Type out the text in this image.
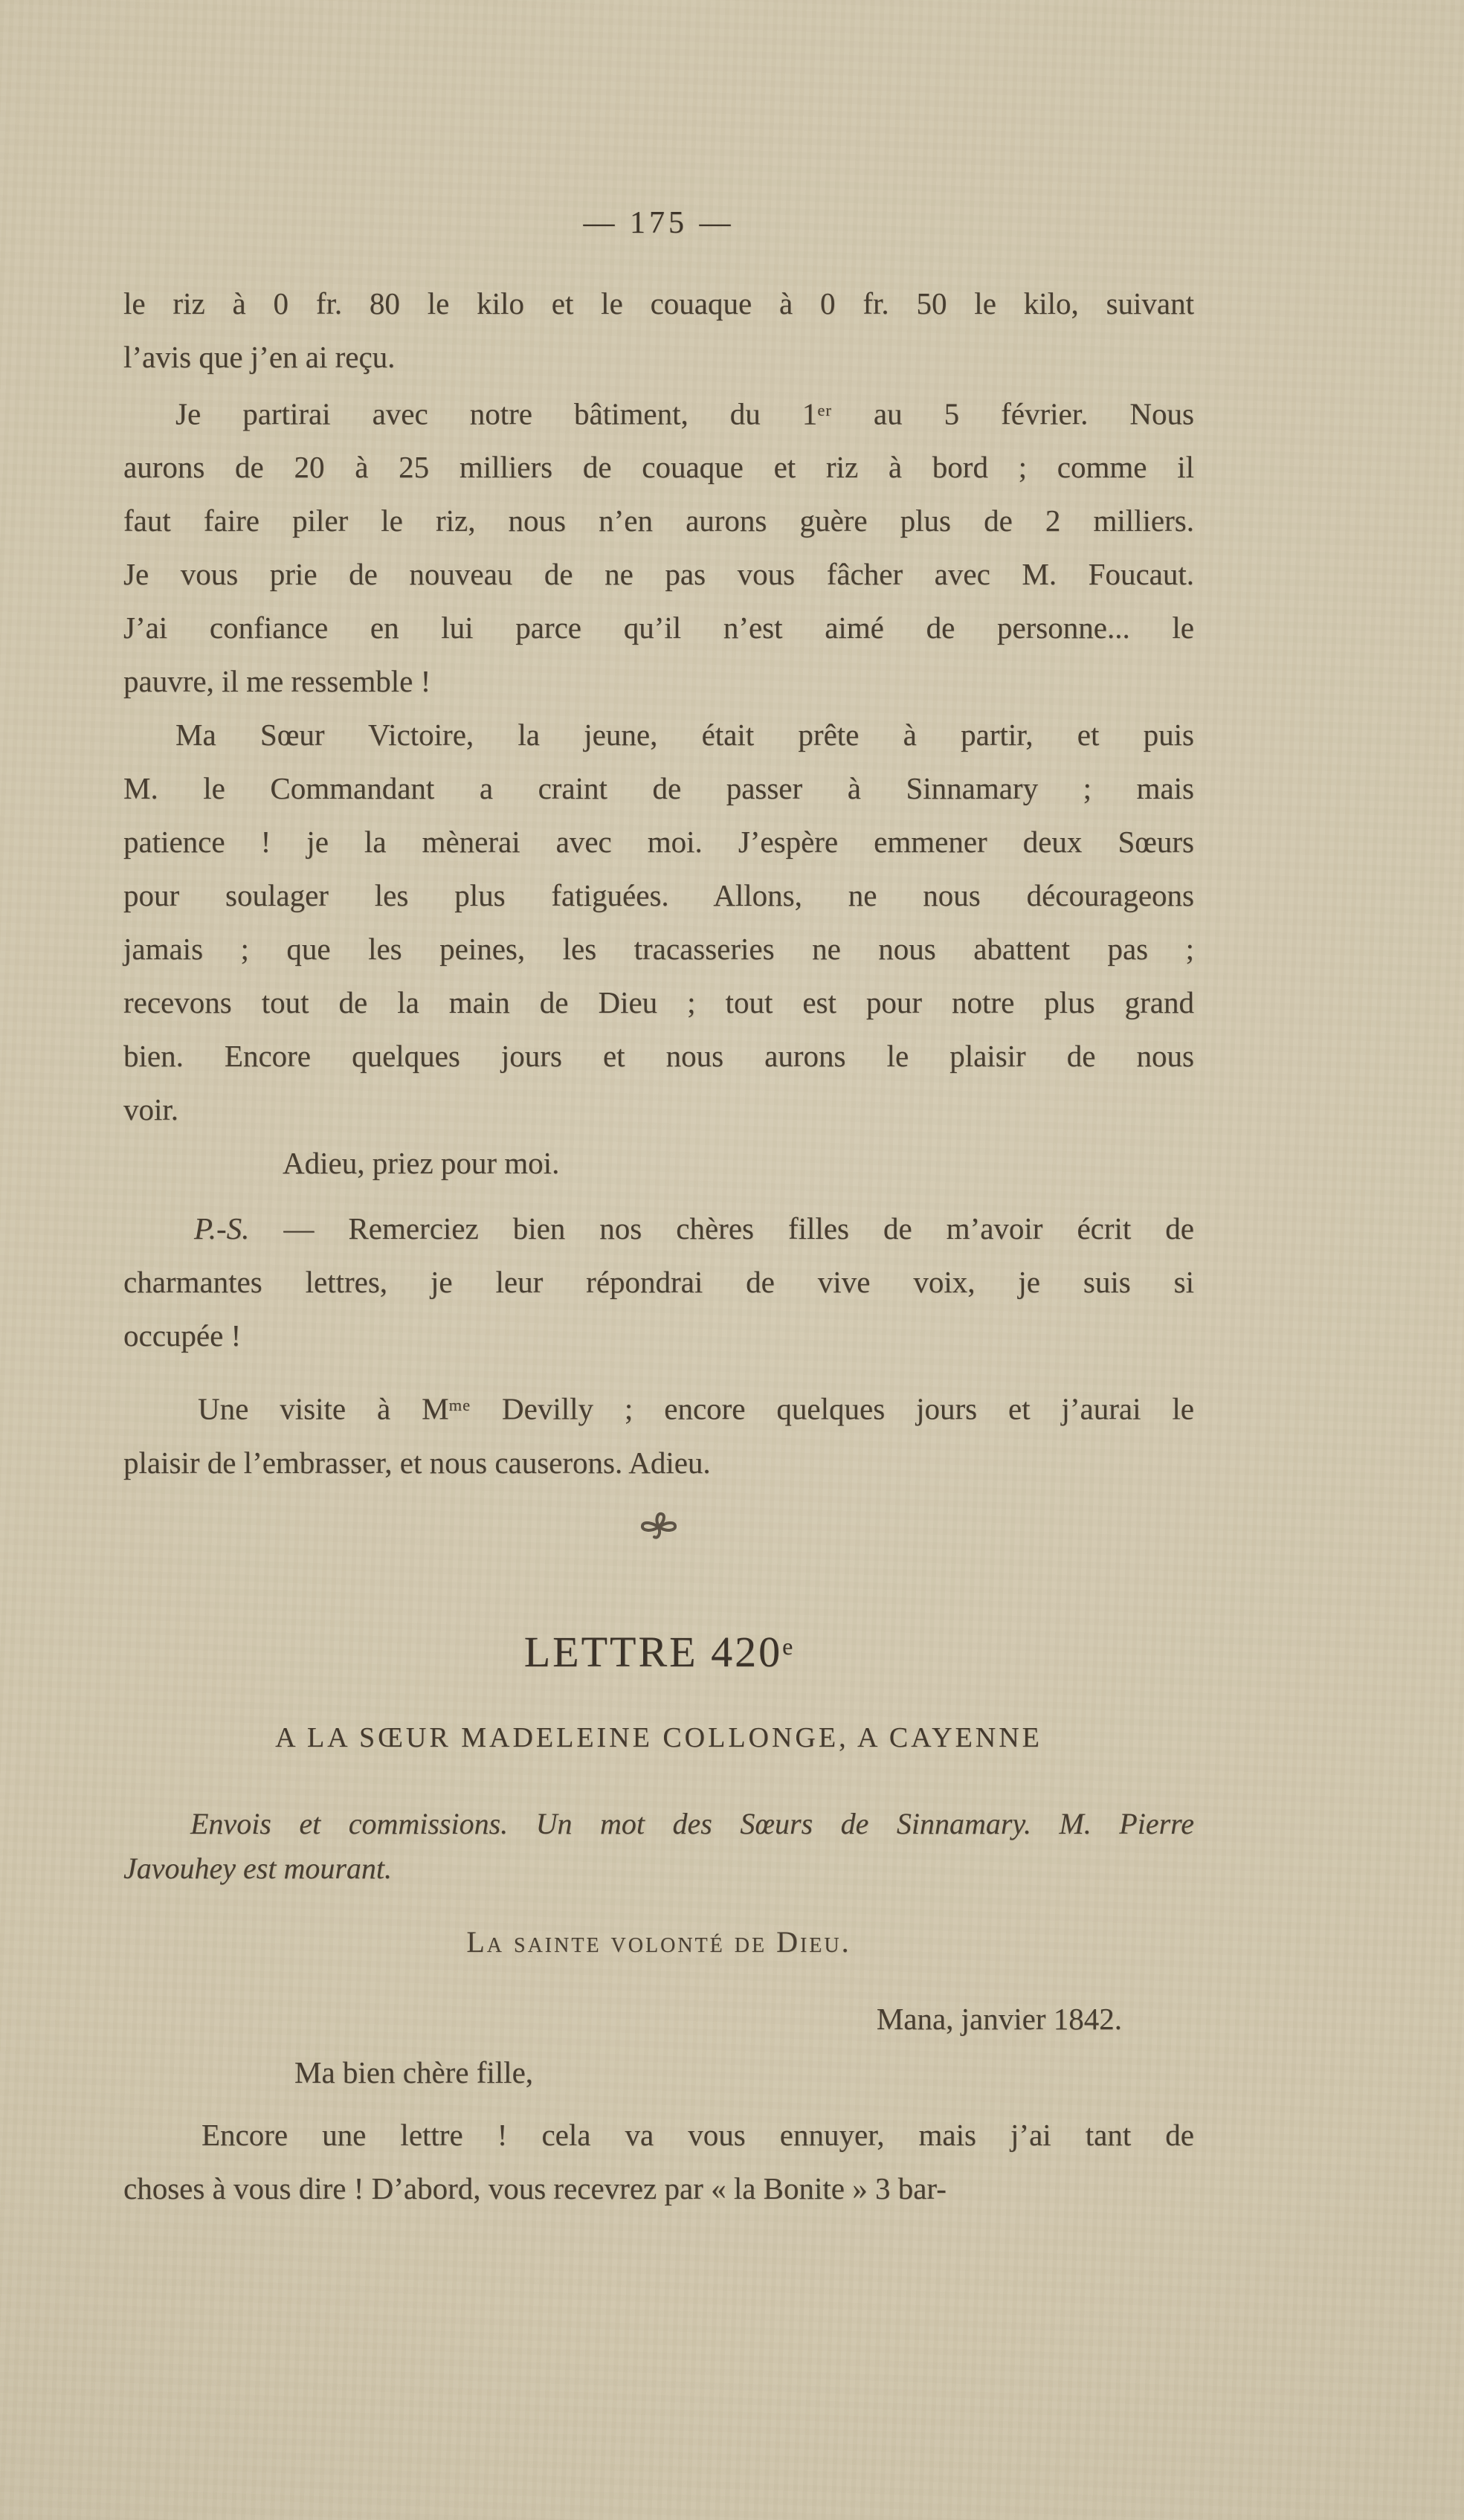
— 175 —
le riz à 0 fr. 80 le kilo et le couaque à 0 fr. 50 le kilo, suivant
l’avis que j’en ai reçu.
Je partirai avec notre bâtiment, du 1er au 5 février. Nous
aurons de 20 à 25 milliers de couaque et riz à bord ; comme il
faut faire piler le riz, nous n’en aurons guère plus de 2 milliers.
Je vous prie de nouveau de ne pas vous fâcher avec M. Foucaut.
J’ai confiance en lui parce qu’il n’est aimé de personne... le
pauvre, il me ressemble !
Ma Sœur Victoire, la jeune, était prête à partir, et puis
M. le Commandant a craint de passer à Sinnamary ; mais
patience ! je la mènerai avec moi. J’espère emmener deux Sœurs
pour soulager les plus fatiguées. Allons, ne nous décourageons
jamais ; que les peines, les tracasseries ne nous abattent pas ;
recevons tout de la main de Dieu ; tout est pour notre plus grand
bien. Encore quelques jours et nous aurons le plaisir de nous
voir.
Adieu, priez pour moi.
P.-S. — Remerciez bien nos chères filles de m’avoir écrit de
charmantes lettres, je leur répondrai de vive voix, je suis si
occupée !
Une visite à $M^{me}$ Devilly ; encore quelques jours et j’aurai le
plaisir de l’embrasser, et nous causerons. Adieu.
LETTRE 420e
A LA SŒUR MADELEINE COLLONGE, A CAYENNE
Envois et commissions. Un mot des Sœurs de Sinnamary. M. Pierre
Javouhey est mourant.
La sainte volonté de Dieu.
Mana, janvier 1842.
Ma bien chère fille,
Encore une lettre ! cela va vous ennuyer, mais j’ai tant de
choses à vous dire ! D’abord, vous recevrez par « la Bonite » 3 bar-
